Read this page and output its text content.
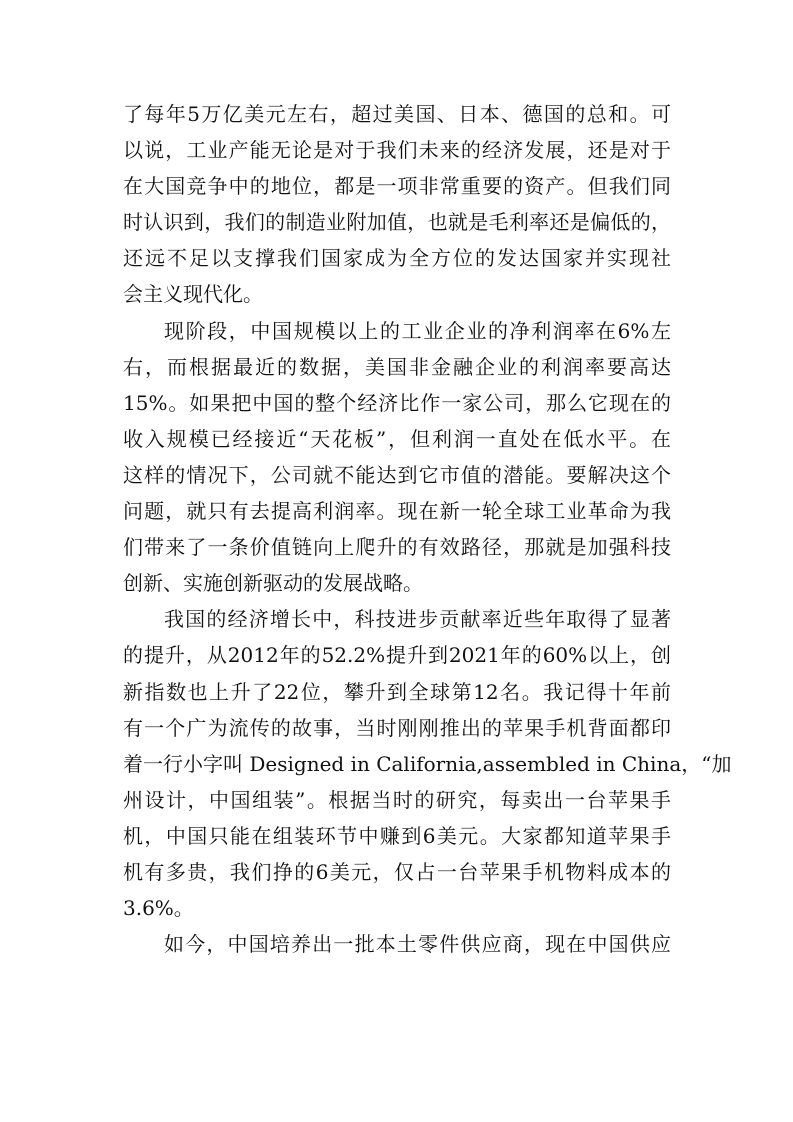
了每年5万亿美元左右，超过美国、日本、德国的总和。可
以说，工业产能无论是对于我们未来的经济发展，还是对于
在大国竞争中的地位，都是一项非常重要的资产。但我们同
时认识到，我们的制造业附加值，也就是毛利率还是偏低的，
还远不足以支撑我们国家成为全方位的发达国家并实现社
会主义现代化。
现阶段，中国规模以上的工业企业的净利润率在6%左
右，而根据最近的数据，美国非金融企业的利润率要高达
15%。如果把中国的整个经济比作一家公司，那么它现在的
收入规模已经接近“天花板”，但利润一直处在低水平。在
这样的情况下，公司就不能达到它市值的潜能。要解决这个
问题，就只有去提高利润率。现在新一轮全球工业革命为我
们带来了一条价值链向上爬升的有效路径，那就是加强科技
创新、实施创新驱动的发展战略。
我国的经济增长中，科技进步贡献率近些年取得了显著
的提升，从2012年的52.2%提升到2021年的60%以上，创
新指数也上升了22位，攀升到全球第12名。我记得十年前
有一个广为流传的故事，当时刚刚推出的苹果手机背面都印
着一行小字叫 Designed in California,assembled in China，“加
州设计，中国组装”。根据当时的研究，每卖出一台苹果手
机，中国只能在组装环节中赚到6美元。大家都知道苹果手
机有多贵，我们挣的6美元，仅占一台苹果手机物料成本的
3.6%。
如今，中国培养出一批本土零件供应商，现在中国供应
